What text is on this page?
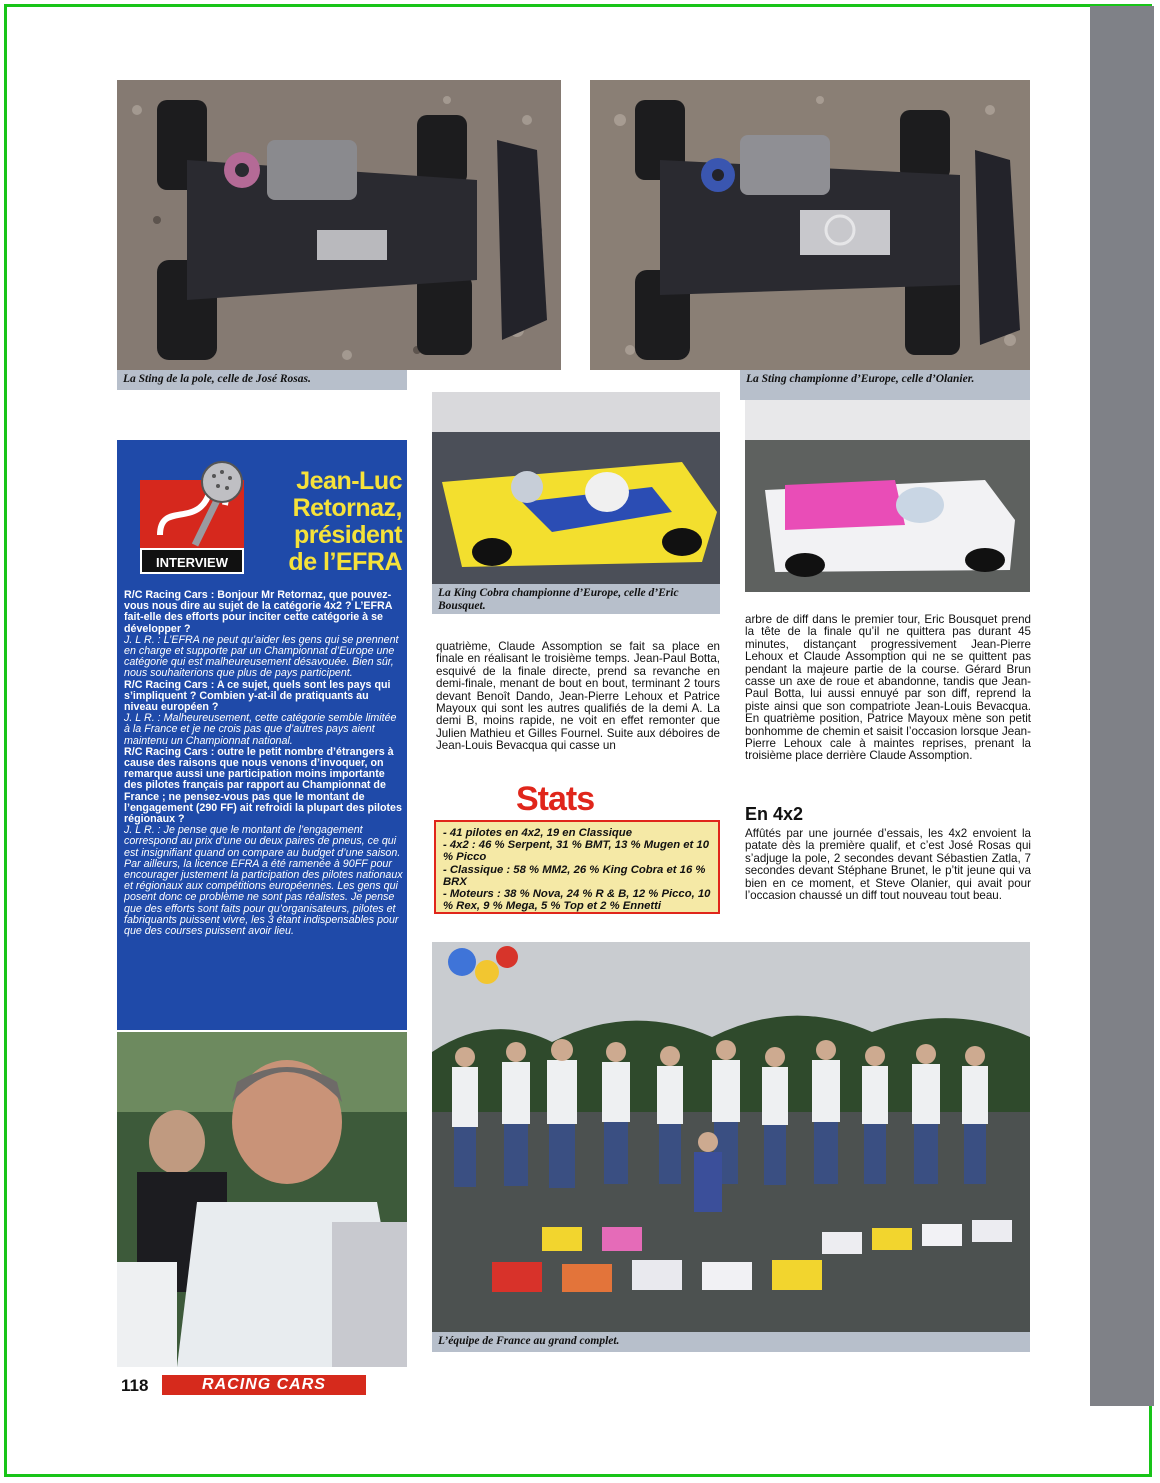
La Sting de la pole, celle de José Rosas.	La Sting championne d’Europe, celle d’Olanier.
La King Cobra championne d’Europe, celle d’Eric Bousquet.
INTERVIEW
Jean-Luc
Retornaz,
président
de l’EFRA

R/C Racing Cars : Bonjour Mr Retornaz, que pouvez-vous nous dire au sujet de la catégorie 4x2 ? L’EFRA fait-elle des efforts pour inciter cette catégorie à se développer ?

J. L R. : L’EFRA ne peut qu’aider les gens qui se prennent en charge et supporte par un Championnat d’Europe une catégorie qui est malheureusement désavouée. Bien sûr, nous souhaiterions que plus de pays participent.

R/C Racing Cars : A ce sujet, quels sont les pays qui s’impliquent ? Combien y-at-il de pratiquants au niveau européen ?

J. L R. : Malheureusement, cette catégorie semble limitée à la France et je ne crois pas que d’autres pays aient maintenu un Championnat national.

R/C Racing Cars : outre le petit nombre d’étrangers à cause des raisons que nous venons d’invoquer, on remarque aussi une participation moins importante des pilotes français par rapport au Championnat de France ; ne pensez-vous pas que le montant de l’engagement (290 FF) ait refroidi la plupart des pilotes régionaux ?

J. L R. : Je pense que le montant de l’engagement correspond au prix d’une ou deux paires de pneus, ce qui est insignifiant quand on compare au budget d’une saison. Par ailleurs, la licence EFRA a été ramenée à 90FF pour encourager justement la participation des pilotes nationaux et régionaux aux compétitions européennes. Les gens qui posent donc ce problème ne sont pas réalistes. Je pense que des efforts sont faits pour qu’organisateurs, pilotes et fabriquants puissent vivre, les 3 étant indispensables pour que des courses puissent avoir lieu.

quatrième, Claude Assomption se fait sa place en finale en réalisant le troisième temps. Jean-Paul Botta, esquivé de la finale directe, prend sa revanche en demi-finale, menant de bout en bout, terminant 2 tours devant Benoît Dando, Jean-Pierre Lehoux et Patrice Mayoux qui sont les autres qualifiés de la demi A. La demi B, moins rapide, ne voit en effet remonter que Julien Mathieu et Gilles Fournel. Suite aux déboires de Jean-Louis Bevacqua qui casse un

arbre de diff dans le premier tour, Eric Bousquet prend la tête de la finale qu’il ne quittera pas durant 45 minutes, distançant progressivement Jean-Pierre Lehoux et Claude Assomption qui ne se quittent pas pendant la majeure partie de la course. Gérard Brun casse un axe de roue et abandonne, tandis que Jean-Paul Botta, lui aussi ennuyé par son diff, reprend la piste ainsi que son compatriote Jean-Louis Bevacqua. En quatrième position, Patrice Mayoux mène son petit bonhomme de chemin et saisit l’occasion lorsque Jean-Pierre Lehoux cale à maintes reprises, prenant la troisième place derrière Claude Assomption.

En 4x2

Affûtés par une journée d’essais, les 4x2 envoient la patate dès la première qualif, et c’est José Rosas qui s’adjuge la pole, 2 secondes devant Sébastien Zatla, 7 secondes devant Stéphane Brunet, le p’tit jeune qui va bien en ce moment, et Steve Olanier, qui avait pour l’occasion chaussé un diff tout nouveau tout beau.

Stats
- 41 pilotes en 4x2, 19 en Classique
- 4x2 : 46 % Serpent, 31 % BMT, 13 % Mugen et 10 % Picco
- Classique : 58 % MM2, 26 % King Cobra et 16 % BRX
- Moteurs : 38 % Nova, 24 % R & B, 12 % Picco, 10 % Rex, 9 % Mega, 5 % Top et 2 % Ennetti
L’équipe de France au grand complet.
118	RACING CARS
